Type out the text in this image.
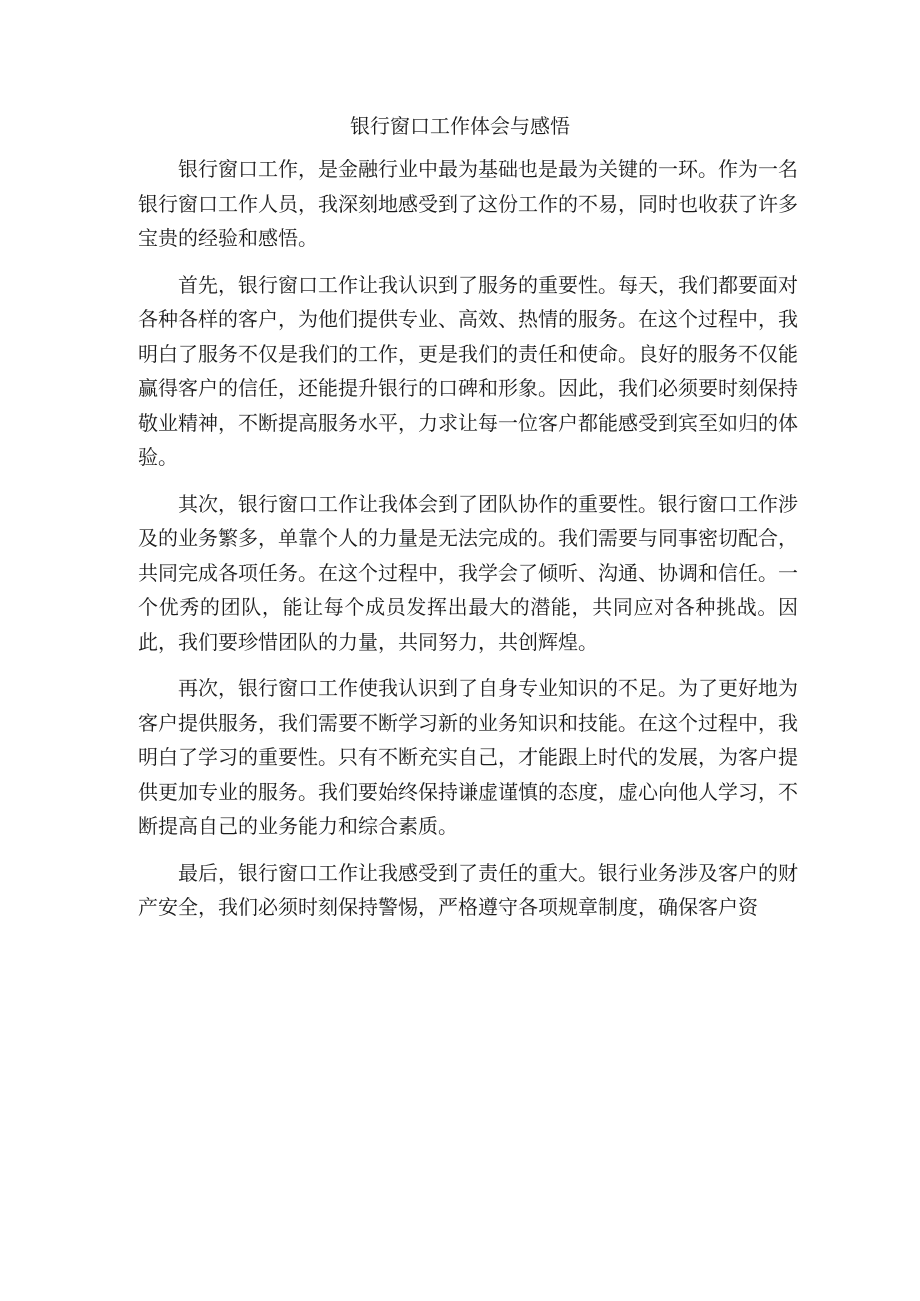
银行窗口工作体会与感悟

银行窗口工作，是金融行业中最为基础也是最为关键的一环。作为一名银行窗口工作人员，我深刻地感受到了这份工作的不易，同时也收获了许多宝贵的经验和感悟。

首先，银行窗口工作让我认识到了服务的重要性。每天，我们都要面对各种各样的客户，为他们提供专业、高效、热情的服务。在这个过程中，我明白了服务不仅是我们的工作，更是我们的责任和使命。良好的服务不仅能赢得客户的信任，还能提升银行的口碑和形象。因此，我们必须要时刻保持敬业精神，不断提高服务水平，力求让每一位客户都能感受到宾至如归的体验。

其次，银行窗口工作让我体会到了团队协作的重要性。银行窗口工作涉及的业务繁多，单靠个人的力量是无法完成的。我们需要与同事密切配合，共同完成各项任务。在这个过程中，我学会了倾听、沟通、协调和信任。一个优秀的团队，能让每个成员发挥出最大的潜能，共同应对各种挑战。因此，我们要珍惜团队的力量，共同努力，共创辉煌。

再次，银行窗口工作使我认识到了自身专业知识的不足。为了更好地为客户提供服务，我们需要不断学习新的业务知识和技能。在这个过程中，我明白了学习的重要性。只有不断充实自己，才能跟上时代的发展，为客户提供更加专业的服务。我们要始终保持谦虚谨慎的态度，虚心向他人学习，不断提高自己的业务能力和综合素质。

最后，银行窗口工作让我感受到了责任的重大。银行业务涉及客户的财产安全，我们必须时刻保持警惕，严格遵守各项规章制度，确保客户资
